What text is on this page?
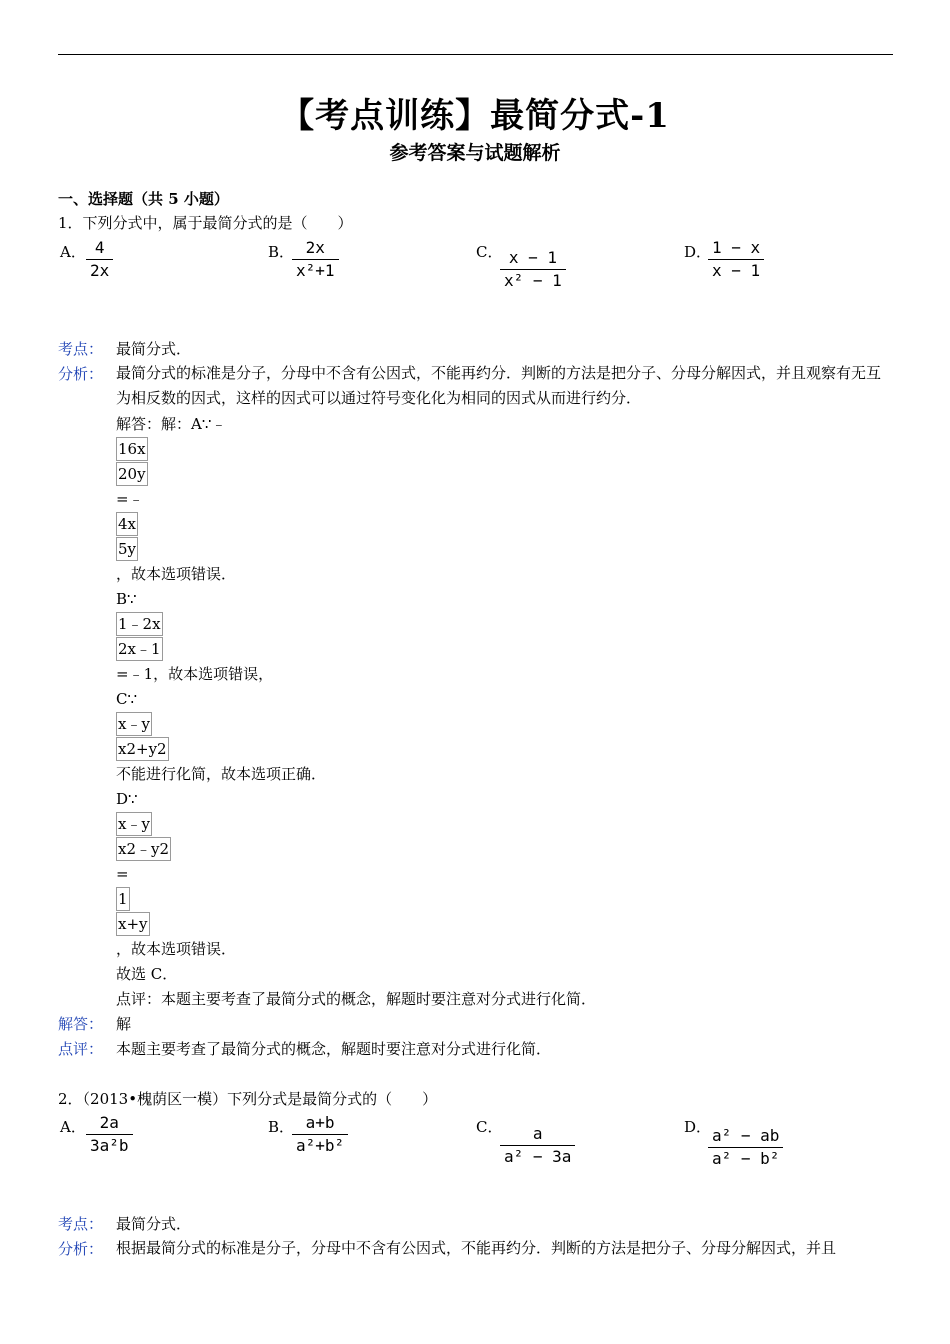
【考点训练】最简分式-1
参考答案与试题解析
一、选择题（共 5 小题）
1．下列分式中，属于最简分式的是（　　）
A． 4
2x
B． 2x
x²+1
C． x − 1
x² − 1
D． 1 − x
x − 1
考点： 最简分式．
分析： 最简分式的标准是分子，分母中不含有公因式，不能再约分．判断的方法是把分子、分母分解因式，并且观察有无互为相反数的因式，这样的因式可以通过符号变化化为相同的因式从而进行约分．
解答：解：A∵﹣
16x
20y
=﹣
4x
5y
，故本选项错误．
B∵
1﹣2x
2x﹣1
=﹣1，故本选项错误，
C∵
x﹣y
x2+y2
不能进行化简，故本选项正确．
D∵
x﹣y
x2﹣y2
=
1
x+y
，故本选项错误．
故选 C．
点评：本题主要考查了最简分式的概念，解题时要注意对分式进行化简．
解答： 解
点评： 本题主要考查了最简分式的概念，解题时要注意对分式进行化简．
2．（2013•槐荫区一模）下列分式是最简分式的（　　）
A． 2a
3a²b
B． a+b
a²+b²
C．	a
a² − 3a
D． a² − ab
a² − b²
考点： 最简分式．
分析： 根据最简分式的标准是分子，分母中不含有公因式，不能再约分．判断的方法是把分子、分母分解因式，并且
